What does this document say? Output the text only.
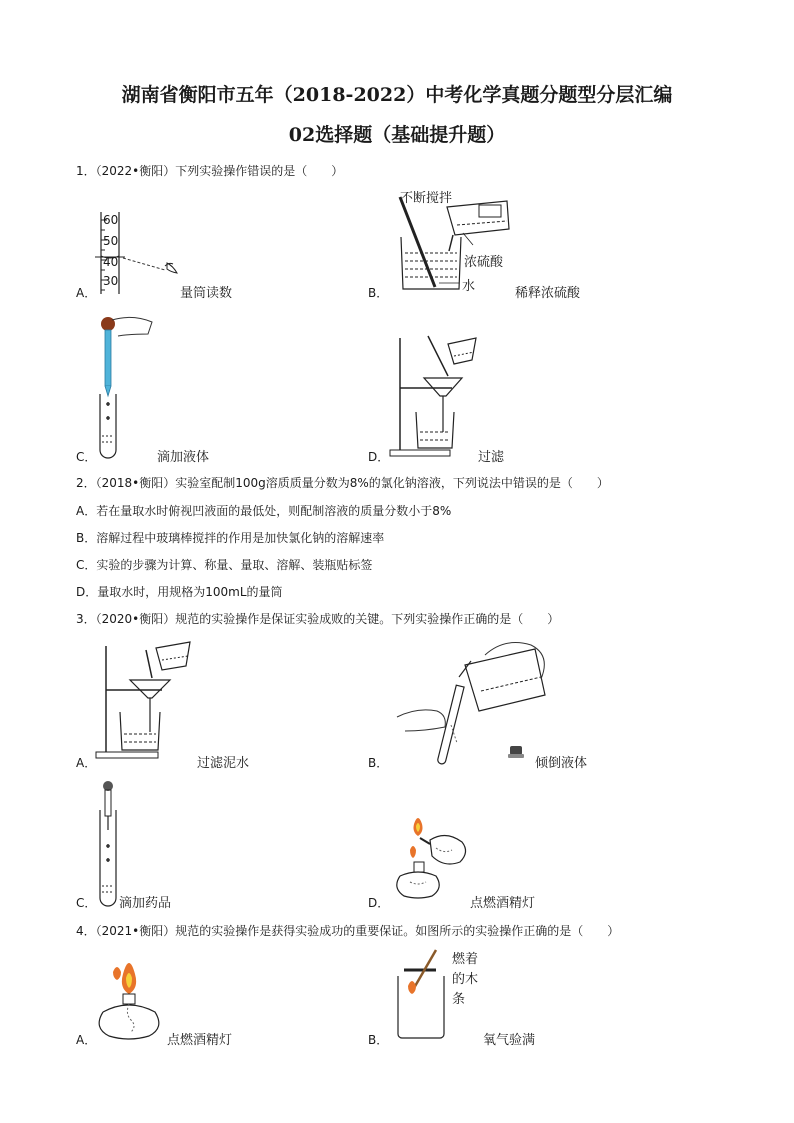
湖南省衡阳市五年（2018-2022）中考化学真题分题型分层汇编
02选择题（基础提升题）
1．（2022•衡阳）下列实验操作错误的是（　　）
60
50
40
30
A．	量筒读数
不断搅拌
浓硫酸
水
B．	稀释浓硫酸
C．	滴加液体	D．	过滤
2．（2018•衡阳）实验室配制100g溶质质量分数为8%的氯化钠溶液，下列说法中错误的是（　　）
A．若在量取水时俯视凹液面的最低处，则配制溶液的质量分数小于8%
B．溶解过程中玻璃棒搅拌的作用是加快氯化钠的溶解速率
C．实验的步骤为计算、称量、量取、溶解、装瓶贴标签
D．量取水时，用规格为100mL的量筒
3．（2020•衡阳）规范的实验操作是保证实验成败的关键。下列实验操作正确的是（　　）
A．	过滤泥水	B．	倾倒液体
C． 滴加药品	D．	点燃酒精灯
4．（2021•衡阳）规范的实验操作是获得实验成功的重要保证。如图所示的实验操作正确的是（　　）
A．	点燃酒精灯
燃着
的木
条
B．	氧气验满
